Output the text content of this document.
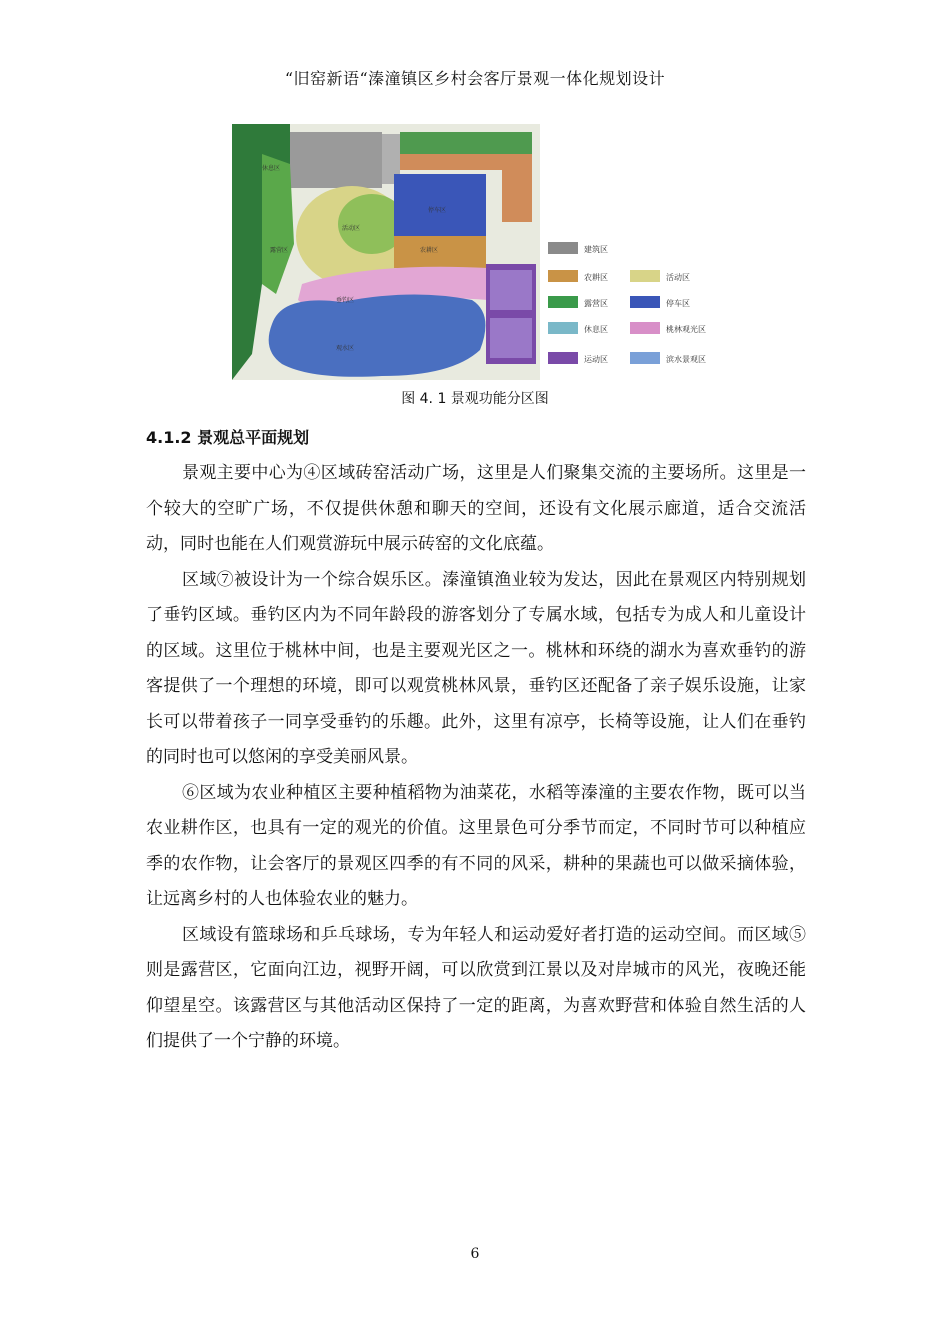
“旧窑新语“溱潼镇区乡村会客厅景观一体化规划设计
休息区
露营区
活动区
农耕区
停车区
垂钓区
观水区
建筑区
农耕区	活动区
露营区	停车区
休息区	桃林观光区
运动区	滨水景观区
图 4. 1 景观功能分区图
4.1.2 景观总平面规划

景观主要中心为④区域砖窑活动广场，这里是人们聚集交流的主要场所。这里是一个较大的空旷广场，不仅提供休憩和聊天的空间，还设有文化展示廊道，适合交流活动，同时也能在人们观赏游玩中展示砖窑的文化底蕴。

区域⑦被设计为一个综合娱乐区。溱潼镇渔业较为发达，因此在景观区内特别规划了垂钓区域。垂钓区内为不同年龄段的游客划分了专属水域，包括专为成人和儿童设计的区域。这里位于桃林中间，也是主要观光区之一。桃林和环绕的湖水为喜欢垂钓的游客提供了一个理想的环境，即可以观赏桃林风景，垂钓区还配备了亲子娱乐设施，让家长可以带着孩子一同享受垂钓的乐趣。此外，这里有凉亭，长椅等设施，让人们在垂钓的同时也可以悠闲的享受美丽风景。

⑥区域为农业种植区主要种植稻物为油菜花，水稻等溱潼的主要农作物，既可以当农业耕作区，也具有一定的观光的价值。这里景色可分季节而定，不同时节可以种植应季的农作物，让会客厅的景观区四季的有不同的风采，耕种的果蔬也可以做采摘体验，让远离乡村的人也体验农业的魅力。

区域设有篮球场和乒乓球场，专为年轻人和运动爱好者打造的运动空间。而区域⑤则是露营区，它面向江边，视野开阔，可以欣赏到江景以及对岸城市的风光，夜晚还能仰望星空。该露营区与其他活动区保持了一定的距离，为喜欢野营和体验自然生活的人们提供了一个宁静的环境。

6
